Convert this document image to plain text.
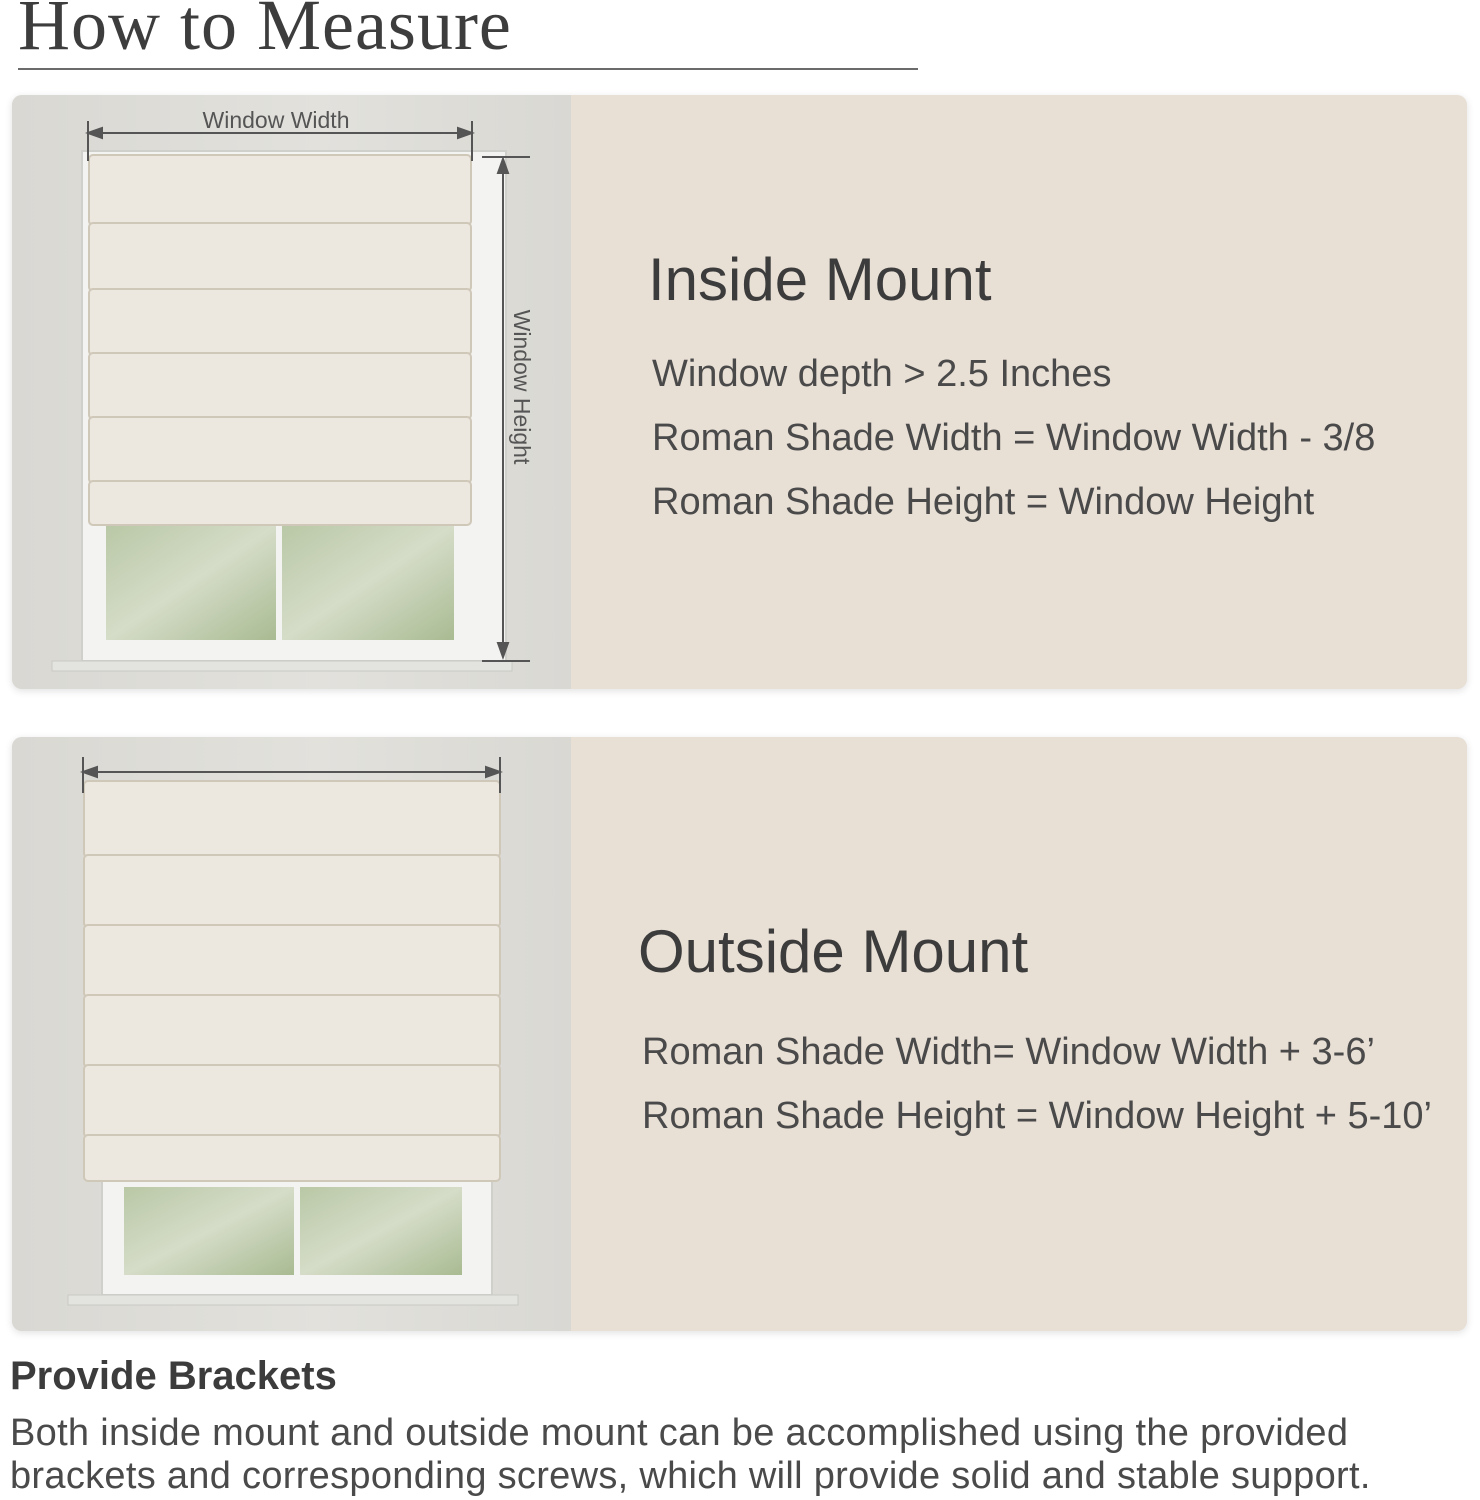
How to Measure
Window Width
Window Height
Inside Mount
Window depth > 2.5 Inches
Roman Shade Width = Window Width - 3/8
Roman Shade Height = Window Height
Outside Mount
Roman Shade Width= Window Width + 3-6’
Roman Shade Height = Window Height + 5-10’
Provide Brackets
Both inside mount and outside mount can be accomplished using the provided brackets and corresponding screws, which will provide solid and stable support.
